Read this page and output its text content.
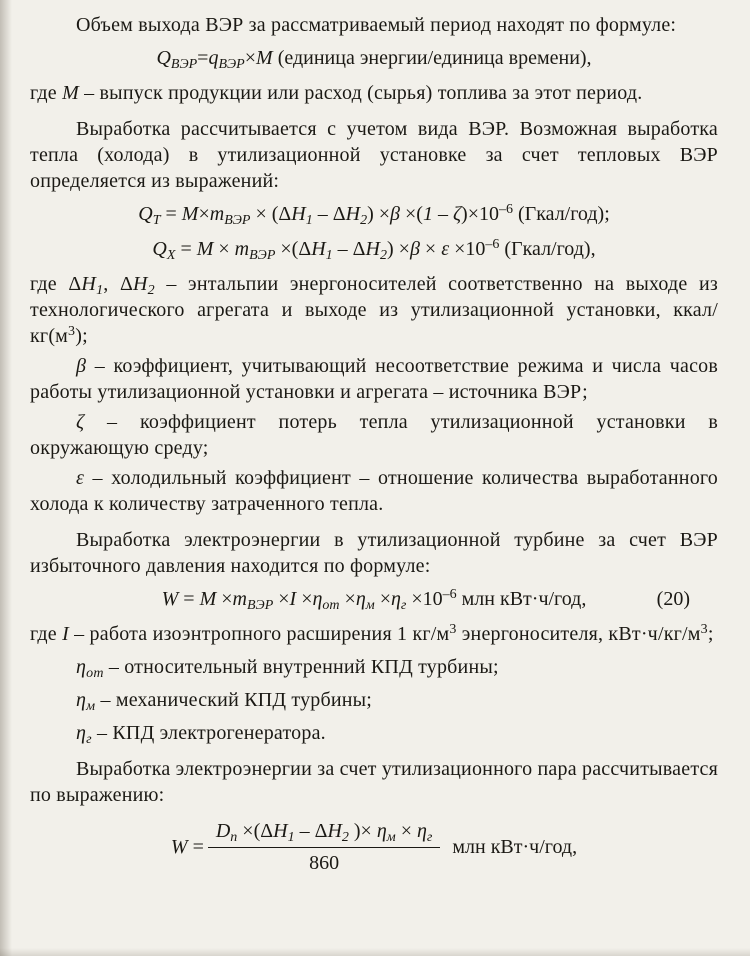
Объем выхода ВЭР за рассматриваемый период находят по формуле:

QВЭР=qВЭР×M (единица энергии/единица времени),

где М – выпуск продукции или расход (сырья) топлива за этот период.

Выработка рассчитывается с учетом вида ВЭР. Возможная выработка тепла (холода) в утилизационной установке за счет тепловых ВЭР определяется из выражений:

QТ = M×mВЭР × $(\Delta H1 - \Delta H2) \times\beta \times(1 - \zeta)\times 10^{-6}$ (Гкал/год);
QХ = M × mВЭР $\times(\Delta H1 - \Delta H2) \times\beta \times \varepsilon \times 10^{-6}$ (Гкал/год),

где ΔН1, ΔН2 – энтальпии энергоносителей соответственно на выходе из технологического агрегата и выходе из утилизационной установки, ккал/$кг(м^3)$;

β – коэффициент, учитывающий несоответствие режима и числа часов работы утилизационной установки и агрегата – источника ВЭР;

ζ – коэффициент потерь тепла утилизационной установки в окружающую среду;

ε – холодильный коэффициент – отношение количества выработанного холода к количеству затраченного тепла.

Выработка электроэнергии в утилизационной турбине за счет ВЭР избыточного давления находится по формуле:

W = M ×mВЭР $\times I \times\eta от \times\eta м \times\eta г \times 10^{-6}$ млн кВт·ч/год,	(20)

где I – работа изоэнтропного расширения 1 $кг/м^3$ энергоносителя, $кВт\cdot ч/кг/м^3$;

ηот – относительный внутренний КПД турбины;

ηм – механический КПД турбины;

ηг – КПД электрогенератора.

Выработка электроэнергии за счет утилизационного пара рассчитывается по выражению:

$W = \frac{Dп \times(\Delta H1 - \Delta H2 )\times \eta м \times \eta г}{860}$ млн кВт·ч/год,
